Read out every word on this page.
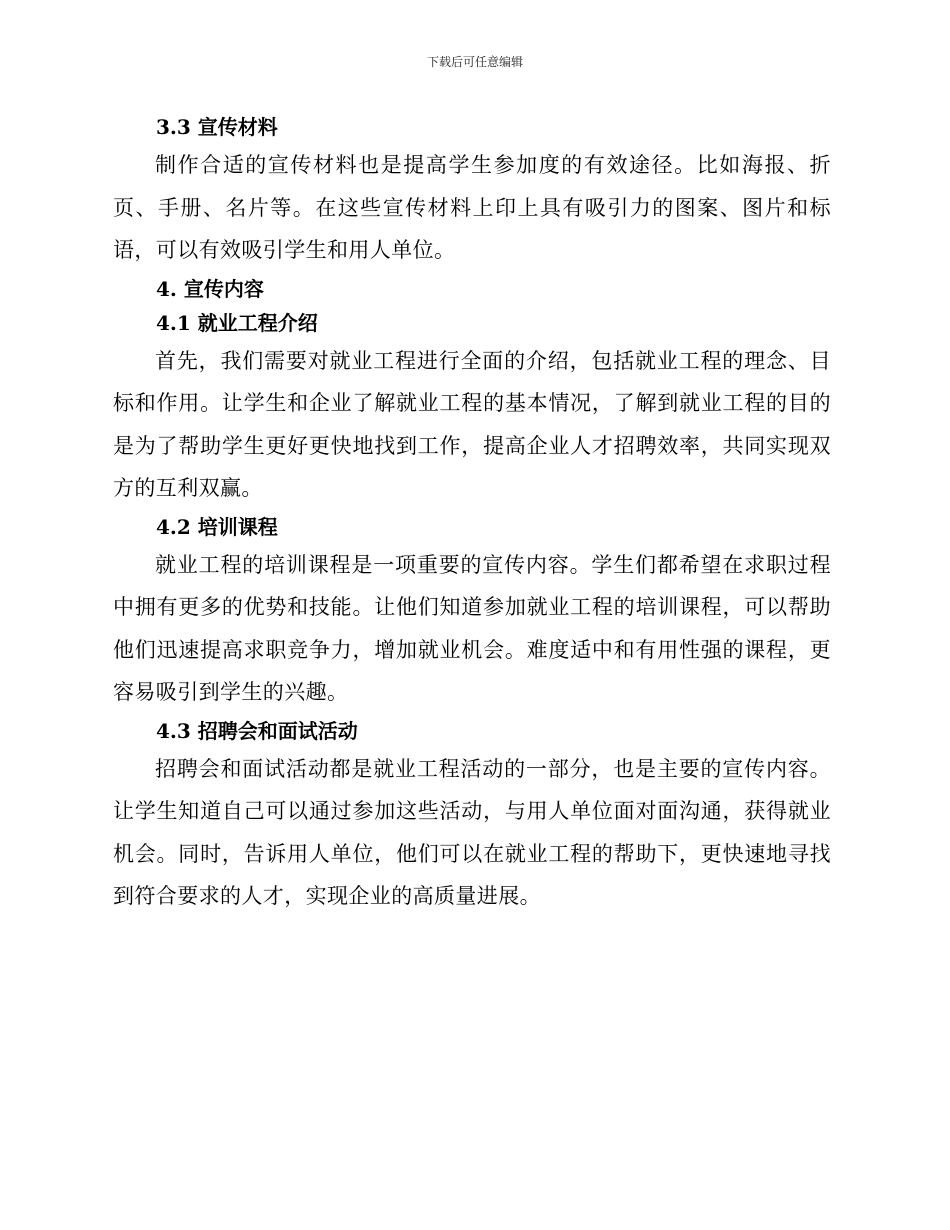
下载后可任意编辑
3.3 宣传材料

制作合适的宣传材料也是提高学生参加度的有效途径。比如海报、折页、手册、名片等。在这些宣传材料上印上具有吸引力的图案、图片和标语，可以有效吸引学生和用人单位。

4. 宣传内容
4.1 就业工程介绍

首先，我们需要对就业工程进行全面的介绍，包括就业工程的理念、目标和作用。让学生和企业了解就业工程的基本情况，了解到就业工程的目的是为了帮助学生更好更快地找到工作，提高企业人才招聘效率，共同实现双方的互利双赢。

4.2 培训课程

就业工程的培训课程是一项重要的宣传内容。学生们都希望在求职过程中拥有更多的优势和技能。让他们知道参加就业工程的培训课程，可以帮助他们迅速提高求职竞争力，增加就业机会。难度适中和有用性强的课程，更容易吸引到学生的兴趣。

4.3 招聘会和面试活动

招聘会和面试活动都是就业工程活动的一部分，也是主要的宣传内容。让学生知道自己可以通过参加这些活动，与用人单位面对面沟通，获得就业机会。同时，告诉用人单位，他们可以在就业工程的帮助下，更快速地寻找到符合要求的人才，实现企业的高质量进展。
